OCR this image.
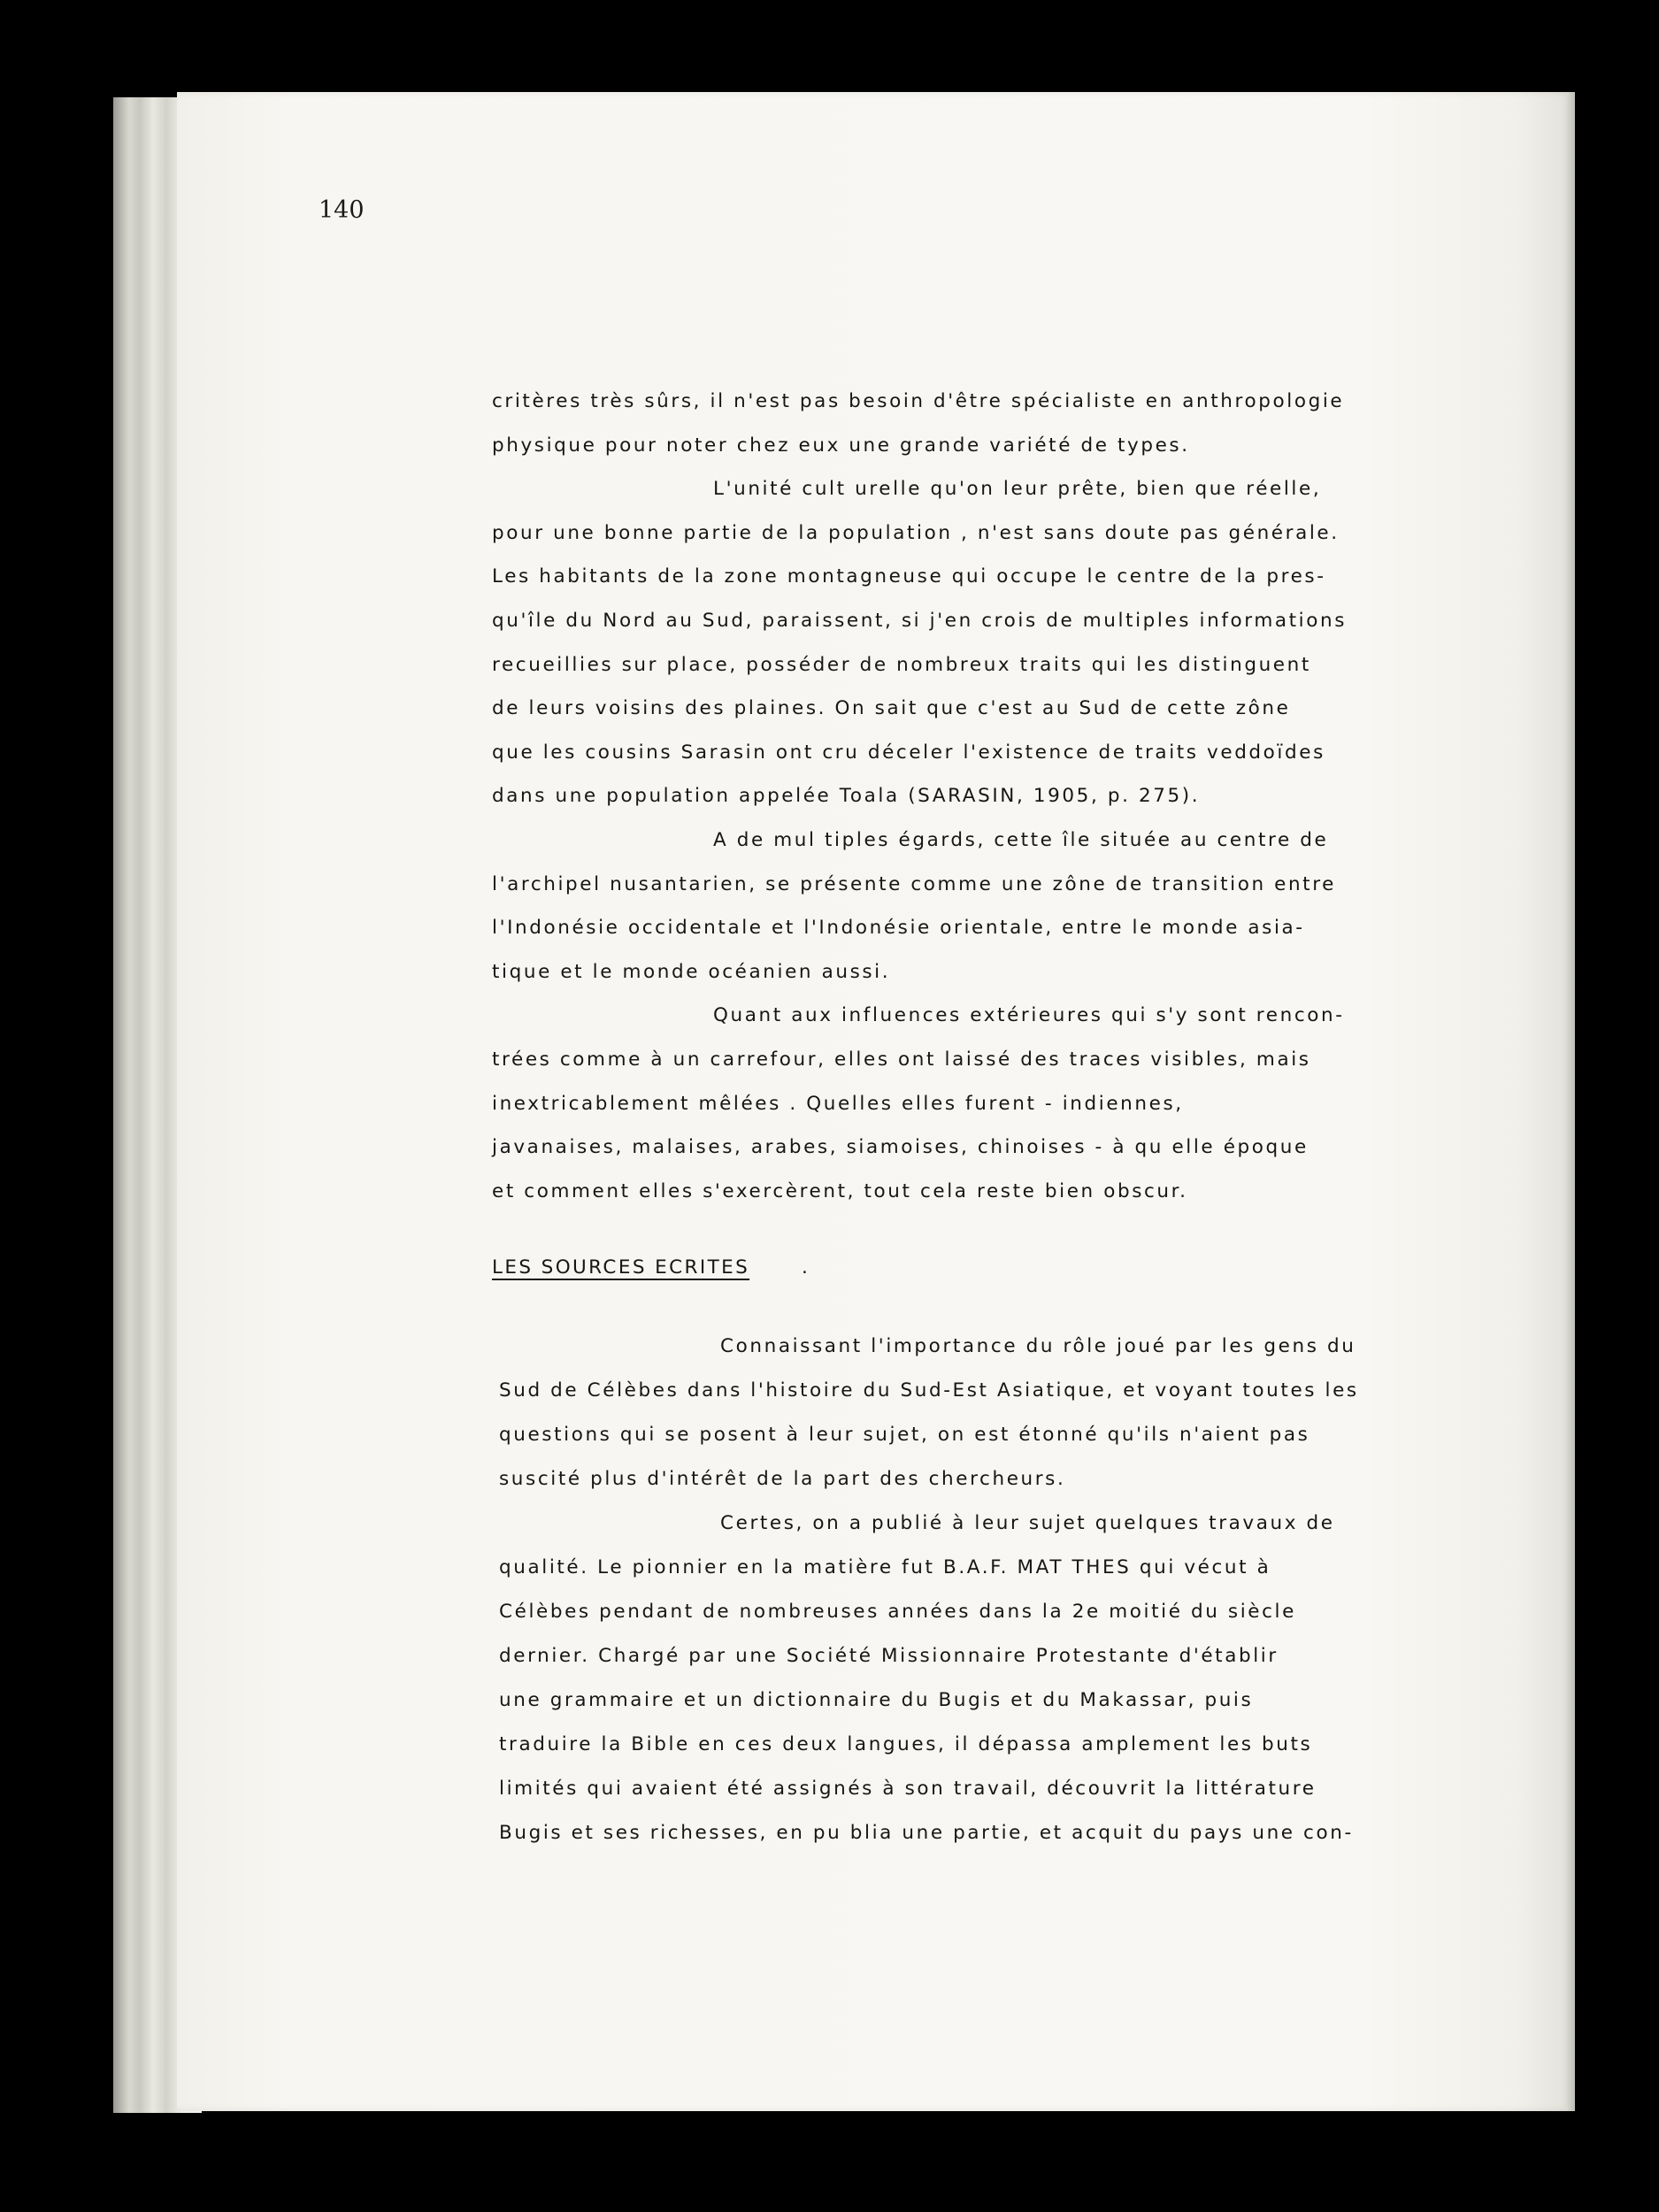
140
critères très sûrs, il n'est pas besoin d'être spécialiste en anthropologie
physique pour noter chez eux une grande variété de types.
L'unité cult urelle qu'on leur prête, bien que réelle,
pour une bonne partie de la population , n'est sans doute pas générale.
Les habitants de la zone montagneuse qui occupe le centre de la pres-
qu'île du Nord au Sud, paraissent, si j'en crois de multiples informations
recueillies sur place, posséder de nombreux traits qui les distinguent
de leurs voisins des plaines. On sait que c'est au Sud de cette zône
que les cousins Sarasin ont cru déceler l'existence de traits veddoïdes
dans une population appelée Toala (SARASIN, 1905, p. 275).
A de mul tiples égards, cette île située au centre de
l'archipel nusantarien, se présente comme une zône de transition entre
l'Indonésie occidentale et l'Indonésie orientale, entre le monde asia-
tique et le monde océanien aussi.
Quant aux influences extérieures qui s'y sont rencon-
trées comme à un carrefour, elles ont laissé des traces visibles, mais
inextricablement mêlées . Quelles elles furent - indiennes,
javanaises, malaises, arabes, siamoises, chinoises - à qu elle époque
et comment elles s'exercèrent, tout cela reste bien obscur.
LES SOURCES ECRITES	.
Connaissant l'importance du rôle joué par les gens du
Sud de Célèbes dans l'histoire du Sud-Est Asiatique, et voyant toutes les
questions qui se posent à leur sujet, on est étonné qu'ils n'aient pas
suscité plus d'intérêt de la part des chercheurs.
Certes, on a publié à leur sujet quelques travaux de
qualité. Le pionnier en la matière fut B.A.F. MAT THES qui vécut à
Célèbes pendant de nombreuses années dans la 2e moitié du siècle
dernier. Chargé par une Société Missionnaire Protestante d'établir
une grammaire et un dictionnaire du Bugis et du Makassar, puis
traduire la Bible en ces deux langues, il dépassa amplement les buts
limités qui avaient été assignés à son travail, découvrit la littérature
Bugis et ses richesses, en pu blia une partie, et acquit du pays une con-
